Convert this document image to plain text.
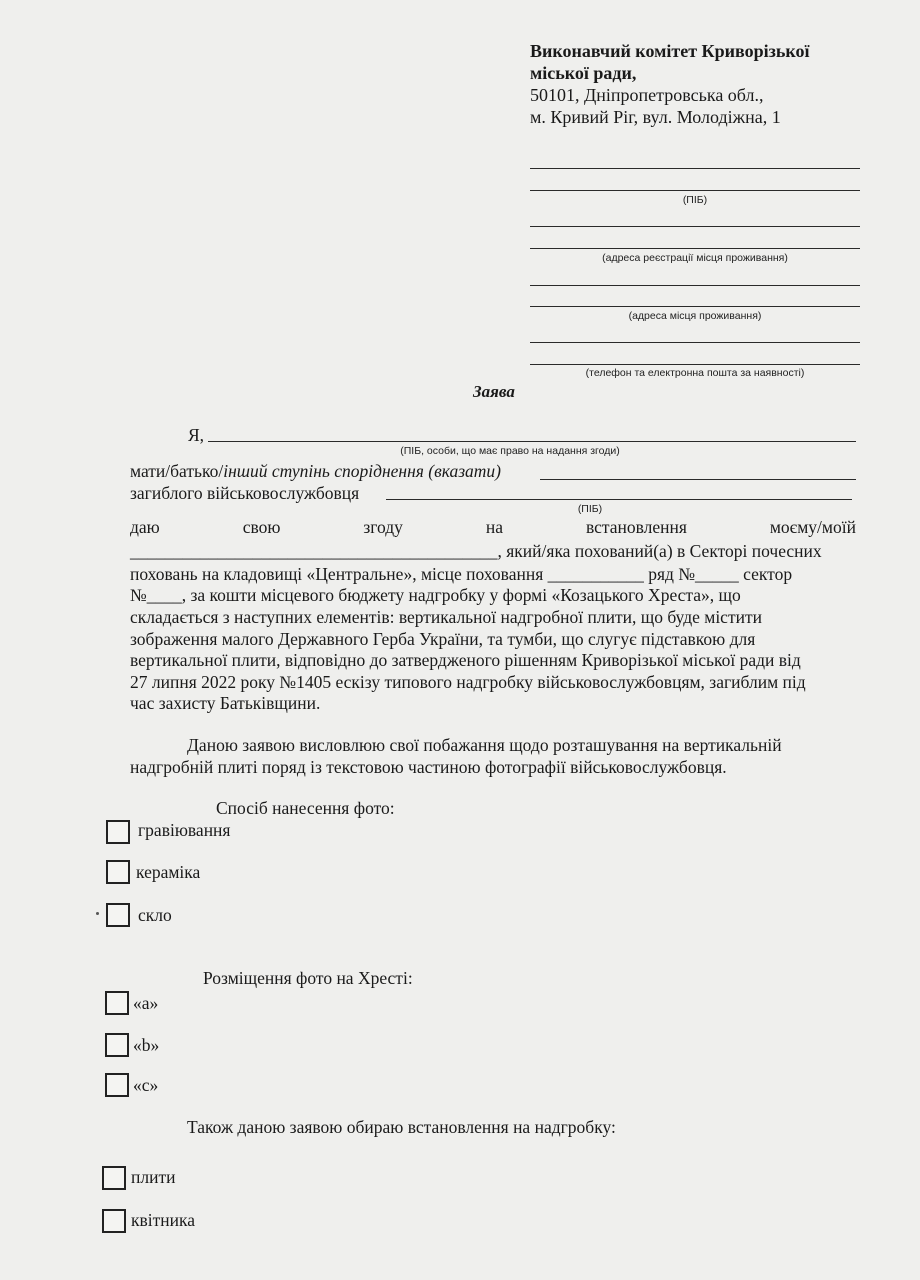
Виконавчий комітет Криворізької
міської ради,
50101, Дніпропетровська обл.,
м. Кривий Ріг, вул. Молодіжна, 1
(ПІБ)
(адреса реєстрації місця проживання)
(адреса місця проживання)
(телефон та електронна пошта за наявності)
Заява
Я,
(ПІБ, особи, що має право на надання згоди)
мати/батько/інший ступінь споріднення (вказати)
загиблого військовослужбовця
(ПІБ)
даю	свою	згоду	на	встановлення	моєму/моїй
__________________________________________, який/яка похований(а) в Секторі почесних
поховань на кладовищі «Центральне», місце поховання ___________ ряд №_____ сектор
№____, за кошти місцевого бюджету надгробку у формі «Козацького Хреста», що
складається з наступних елементів: вертикальної надгробної плити, що буде містити
зображення малого Державного Герба України, та тумби, що слугує підставкою для
вертикальної плити, відповідно до затвердженого рішенням Криворізької міської ради від
27 липня 2022 року №1405 ескізу типового надгробку військовослужбовцям, загиблим під
час захисту Батьківщини.
Даною заявою висловлюю свої побажання щодо розташування на вертикальній
надгробній плиті поряд із текстовою частиною фотографії військовослужбовця.
Спосіб нанесення фото:
гравіювання
кераміка
скло
Розміщення фото на Хресті:
«а»
«b»
«с»
Також даною заявою обираю встановлення на надгробку:
плити
квітника
